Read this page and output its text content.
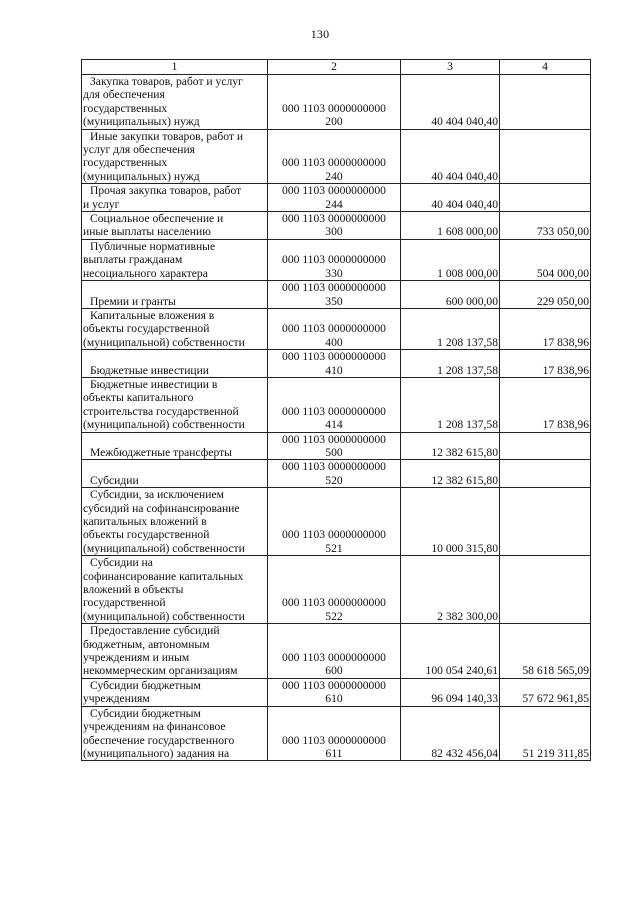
130
1	2	3	4

Закупка товаров, работ и услуг
для обеспечения
государственных
(муниципальных) нужд	000 1103 0000000000
200	40 404 040,40	

Иные закупки товаров, работ и
услуг для обеспечения
государственных
(муниципальных) нужд	000 1103 0000000000
240	40 404 040,40	

Прочая закупка товаров, работ
и услуг	000 1103 0000000000
244	40 404 040,40	

Социальное обеспечение и
иные выплаты населению	000 1103 0000000000
300	1 608 000,00	733 050,00

Публичные нормативные
выплаты гражданам
несоциального характера	000 1103 0000000000
330	1 008 000,00	504 000,00

Премии и гранты	000 1103 0000000000
350	600 000,00	229 050,00

Капитальные вложения в
объекты государственной
(муниципальной) собственности	000 1103 0000000000
400	1 208 137,58	17 838,96

Бюджетные инвестиции	000 1103 0000000000
410	1 208 137,58	17 838,96

Бюджетные инвестиции в
объекты капитального
строительства государственной
(муниципальной) собственности	000 1103 0000000000
414	1 208 137,58	17 838,96

Межбюджетные трансферты	000 1103 0000000000
500	12 382 615,80	

Субсидии	000 1103 0000000000
520	12 382 615,80	

Субсидии, за исключением
субсидий на софинансирование
капитальных вложений в
объекты государственной
(муниципальной) собственности	000 1103 0000000000
521	10 000 315,80	

Субсидии на
софинансирование капитальных
вложений в объекты
государственной
(муниципальной) собственности	000 1103 0000000000
522	2 382 300,00	

Предоставление субсидий
бюджетным, автономным
учреждениям и иным
некоммерческим организациям	000 1103 0000000000
600	100 054 240,61	58 618 565,09

Субсидии бюджетным
учреждениям	000 1103 0000000000
610	96 094 140,33	57 672 961,85

Субсидии бюджетным
учреждениям на финансовое
обеспечение государственного
(муниципального) задания на	000 1103 0000000000
611	82 432 456,04	51 219 311,85
